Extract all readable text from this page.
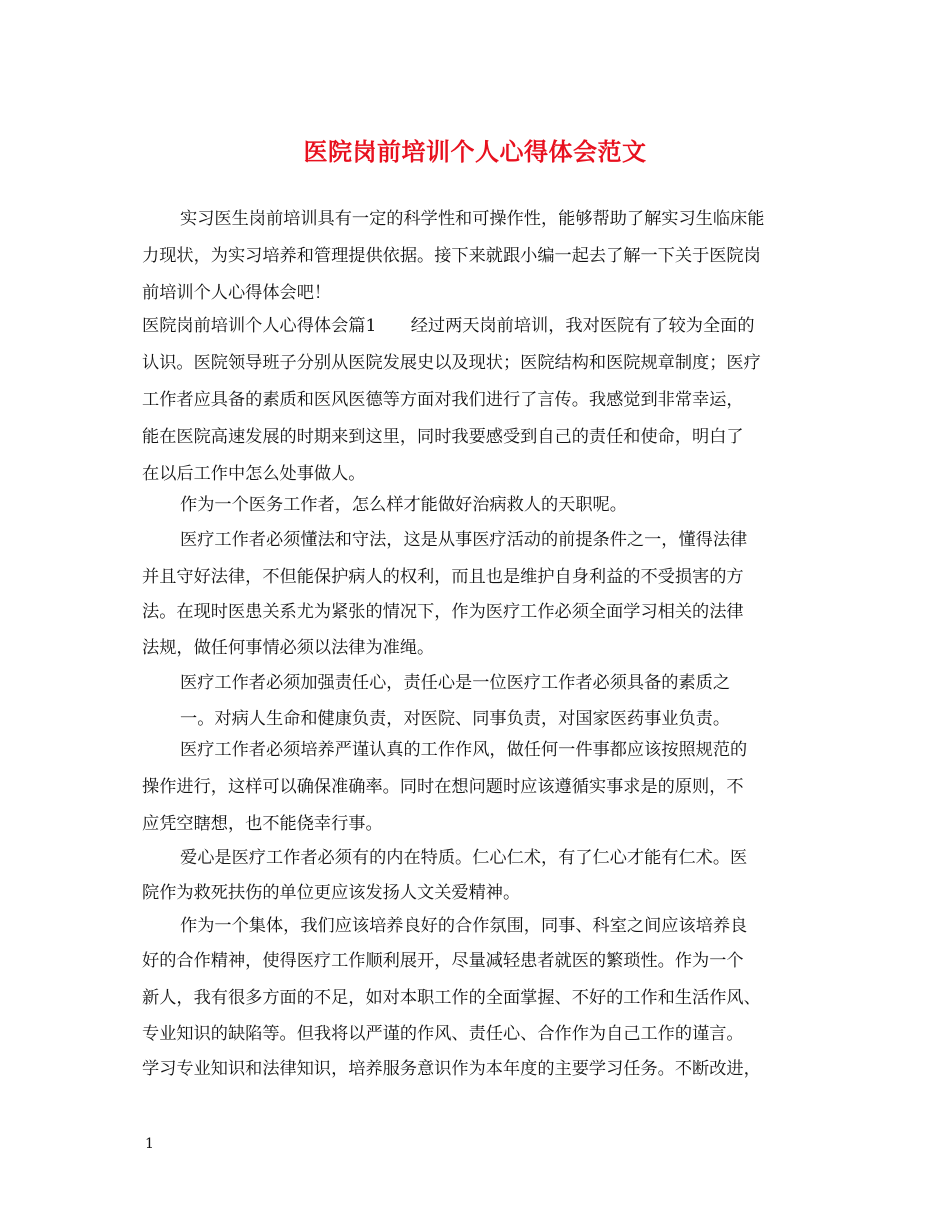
医院岗前培训个人心得体会范文
实习医生岗前培训具有一定的科学性和可操作性，能够帮助了解实习生临床能
力现状，为实习培养和管理提供依据。接下来就跟小编一起去了解一下关于医院岗
前培训个人心得体会吧！
医院岗前培训个人心得体会篇1　　经过两天岗前培训，我对医院有了较为全面的
认识。医院领导班子分别从医院发展史以及现状；医院结构和医院规章制度；医疗
工作者应具备的素质和医风医德等方面对我们进行了言传。我感觉到非常幸运，
能在医院高速发展的时期来到这里，同时我要感受到自己的责任和使命，明白了
在以后工作中怎么处事做人。
作为一个医务工作者，怎么样才能做好治病救人的天职呢。
医疗工作者必须懂法和守法，这是从事医疗活动的前提条件之一，懂得法律
并且守好法律，不但能保护病人的权利，而且也是维护自身利益的不受损害的方
法。在现时医患关系尤为紧张的情况下，作为医疗工作必须全面学习相关的法律
法规，做任何事情必须以法律为准绳。
医疗工作者必须加强责任心，责任心是一位医疗工作者必须具备的素质之
一。对病人生命和健康负责，对医院、同事负责，对国家医药事业负责。
医疗工作者必须培养严谨认真的工作作风，做任何一件事都应该按照规范的
操作进行，这样可以确保准确率。同时在想问题时应该遵循实事求是的原则，不
应凭空瞎想，也不能侥幸行事。
爱心是医疗工作者必须有的内在特质。仁心仁术，有了仁心才能有仁术。医
院作为救死扶伤的单位更应该发扬人文关爱精神。
作为一个集体，我们应该培养良好的合作氛围，同事、科室之间应该培养良
好的合作精神，使得医疗工作顺利展开，尽量减轻患者就医的繁琐性。作为一个
新人，我有很多方面的不足，如对本职工作的全面掌握、不好的工作和生活作风、
专业知识的缺陷等。但我将以严谨的作风、责任心、合作作为自己工作的谨言。
学习专业知识和法律知识，培养服务意识作为本年度的主要学习任务。不断改进，
1
